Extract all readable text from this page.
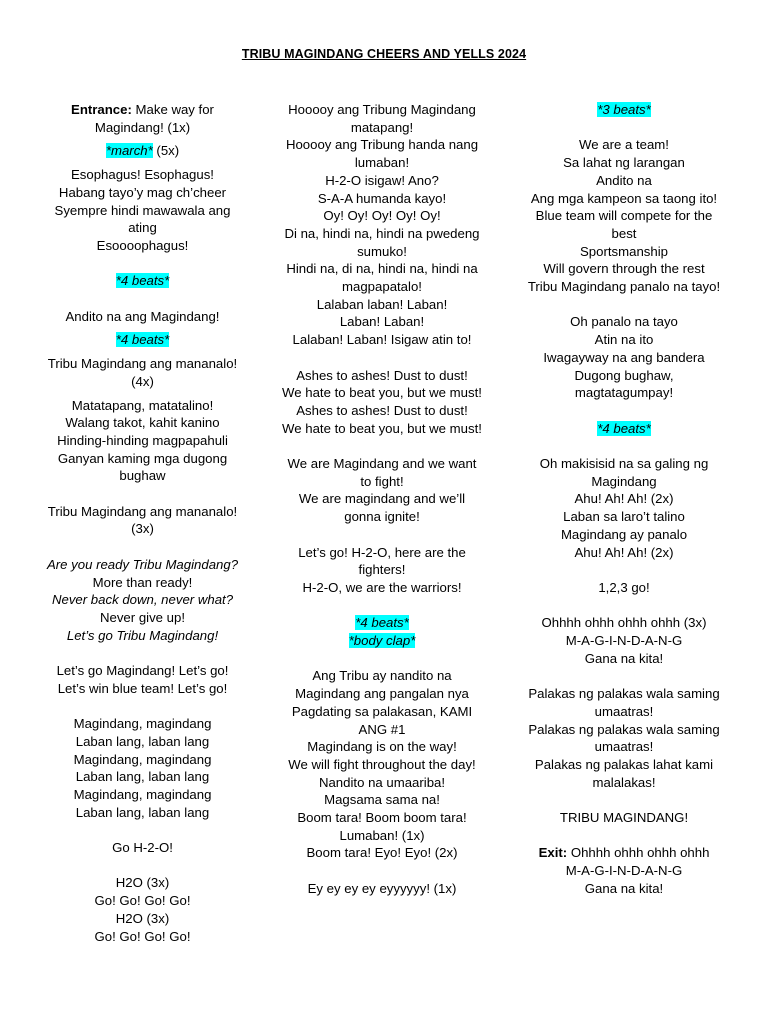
TRIBU MAGINDANG CHEERS AND YELLS 2024

Entrance: Make way for Magindang! (1x)

*march* (5x)

Esophagus! Esophagus!
Habang tayo’y mag ch’cheer
Syempre hindi mawawala ang ating
Esoooophagus!

*4 beats*

Andito na ang Magindang!

*4 beats*

Tribu Magindang ang mananalo! (4x)

Matatapang, matatalino!
Walang takot, kahit kanino
Hinding-hinding magpapahuli
Ganyan kaming mga dugong bughaw

Tribu Magindang ang mananalo! (3x)

Are you ready Tribu Magindang?
More than ready!
Never back down, never what?
Never give up!
Let’s go Tribu Magindang!

Let’s go Magindang! Let’s go!
Let’s win blue team! Let’s go!

Magindang, magindang
Laban lang, laban lang
Magindang, magindang
Laban lang, laban lang
Magindang, magindang
Laban lang, laban lang

Go H-2-O!

H2O (3x)
Go! Go! Go! Go!
H2O (3x)
Go! Go! Go! Go!

Hooooy ang Tribung Magindang matapang!
Hooooy ang Tribung handa nang lumaban!
H-2-O isigaw! Ano?
S-A-A humanda kayo!
Oy! Oy! Oy! Oy! Oy!
Di na, hindi na, hindi na pwedeng sumuko!
Hindi na, di na, hindi na, hindi na magpapatalo!
Lalaban laban! Laban!
Laban! Laban!
Lalaban! Laban! Isigaw atin to!

Ashes to ashes! Dust to dust!
We hate to beat you, but we must!
Ashes to ashes! Dust to dust!
We hate to beat you, but we must!

We are Magindang and we want to fight!
We are magindang and we’ll gonna ignite!

Let’s go! H-2-O, here are the fighters!
H-2-O, we are the warriors!

*4 beats*
*body clap*

Ang Tribu ay nandito na
Magindang ang pangalan nya
Pagdating sa palakasan, KAMI ANG #1
Magindang is on the way!
We will fight throughout the day!
Nandito na umaariba!
Magsama sama na!
Boom tara! Boom boom tara!
Lumaban! (1x)
Boom tara! Eyo! Eyo! (2x)

Ey ey ey ey eyyyyyy! (1x)

*3 beats*

We are a team!
Sa lahat ng larangan
Andito na
Ang mga kampeon sa taong ito!
Blue team will compete for the best
Sportsmanship
Will govern through the rest
Tribu Magindang panalo na tayo!

Oh panalo na tayo
Atin na ito
Iwagayway na ang bandera
Dugong bughaw, magtatagumpay!

*4 beats*

Oh makisisid na sa galing ng Magindang
Ahu! Ah! Ah! (2x)
Laban sa laro’t talino
Magindang ay panalo
Ahu! Ah! Ah! (2x)

1,2,3 go!

Ohhhh ohhh ohhh ohhh (3x)
M-A-G-I-N-D-A-N-G
Gana na kita!

Palakas ng palakas wala saming umaatras!
Palakas ng palakas wala saming umaatras!
Palakas ng palakas lahat kami malalakas!

TRIBU MAGINDANG!

Exit: Ohhhh ohhh ohhh ohhh
M-A-G-I-N-D-A-N-G
Gana na kita!
